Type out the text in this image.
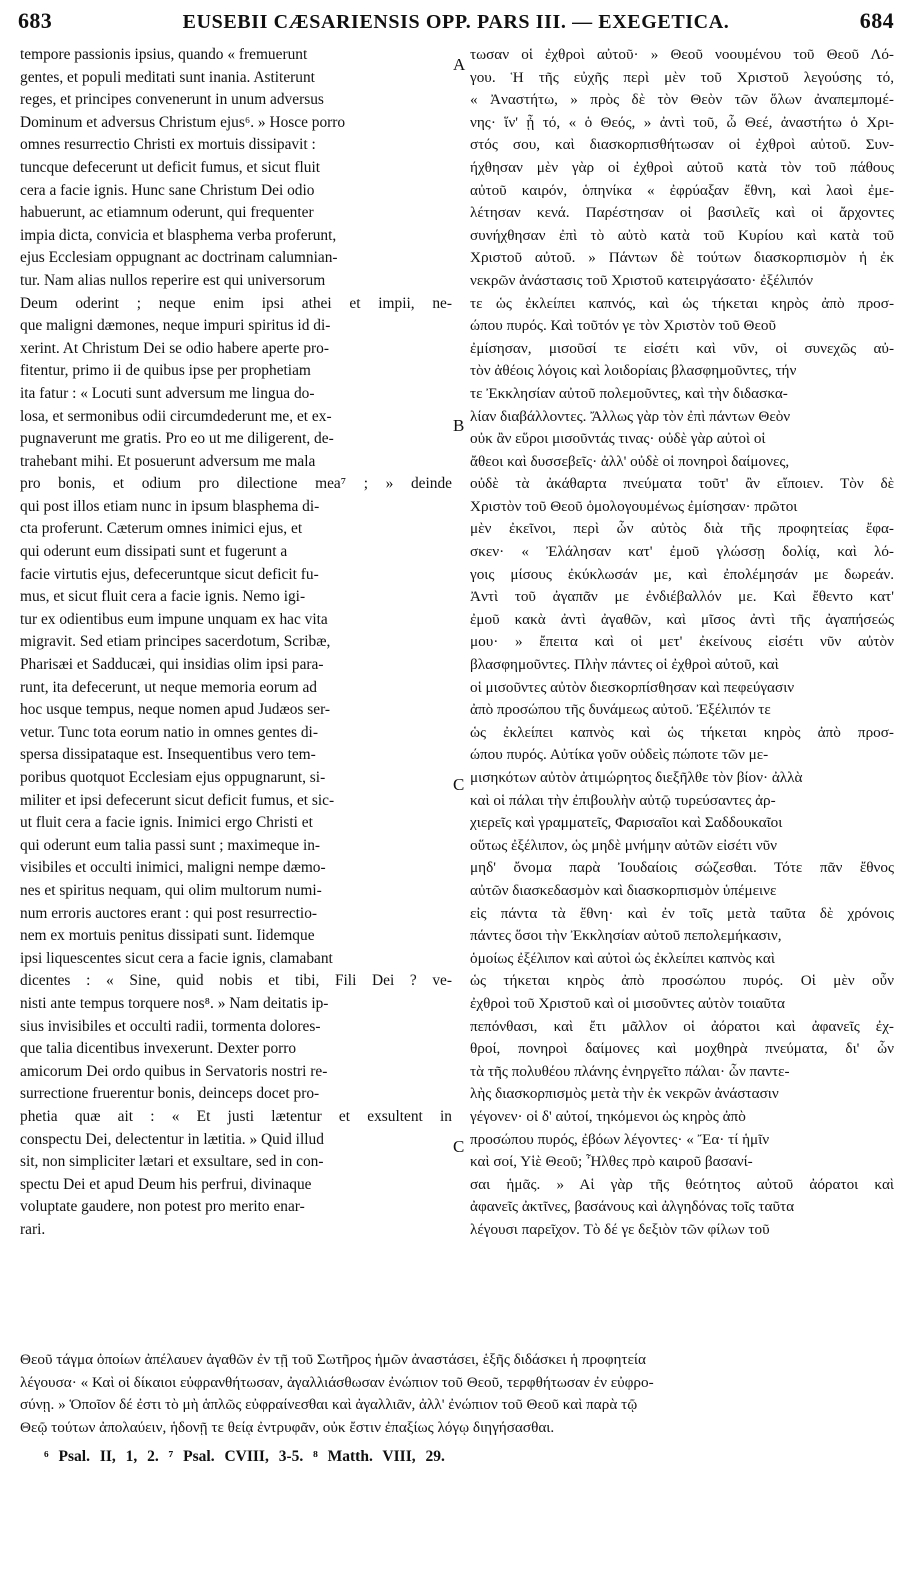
683	EUSEBII CÆSARIENSIS OPP. PARS III. — EXEGETICA.	684
tempore passionis ipsius, quando « fremuerunt
gentes, et populi meditati sunt inania. Astiterunt
reges, et principes convenerunt in unum adversus
Dominum et adversus Christum ejus⁶. » Hosce porro
omnes resurrectio Christi ex mortuis dissipavit :
tuncque defecerunt ut deficit fumus, et sicut fluit
cera a facie ignis. Hunc sane Christum Dei odio
habuerunt, ac etiamnum oderunt, qui frequenter
impia dicta, convicia et blasphema verba proferunt,
ejus Ecclesiam oppugnant ac doctrinam calumnian-
tur. Nam alias nullos reperire est qui universorum
Deum oderint ; neque enim ipsi athei et impii, ne-
que maligni dæmones, neque impuri spiritus id di-
xerint. At Christum Dei se odio habere aperte pro-
fitentur, primo ii de quibus ipse per prophetiam
ita fatur : « Locuti sunt adversum me lingua do-
losa, et sermonibus odii circumdederunt me, et ex-
pugnaverunt me gratis. Pro eo ut me diligerent, de-
trahebant mihi. Et posuerunt adversum me mala
pro bonis, et odium pro dilectione mea⁷ ; » deinde
qui post illos etiam nunc in ipsum blasphema di-
cta proferunt. Cæterum omnes inimici ejus, et
qui oderunt eum dissipati sunt et fugerunt a
facie virtutis ejus, defeceruntque sicut deficit fu-
mus, et sicut fluit cera a facie ignis. Nemo igi-
tur ex odientibus eum impune unquam ex hac vita
migravit. Sed etiam principes sacerdotum, Scribæ,
Pharisæi et Sadducæi, qui insidias olim ipsi para-
runt, ita defecerunt, ut neque memoria eorum ad
hoc usque tempus, neque nomen apud Judæos ser-
vetur. Tunc tota eorum natio in omnes gentes di-
spersa dissipataque est. Insequentibus vero tem-
poribus quotquot Ecclesiam ejus oppugnarunt, si-
militer et ipsi defecerunt sicut deficit fumus, et sic-
ut fluit cera a facie ignis. Inimici ergo Christi et
qui oderunt eum talia passi sunt ; maximeque in-
visibiles et occulti inimici, maligni nempe dæmo-
nes et spiritus nequam, qui olim multorum numi-
num erroris auctores erant : qui post resurrectio-
nem ex mortuis penitus dissipati sunt. Iidemque
ipsi liquescentes sicut cera a facie ignis, clamabant
dicentes : « Sine, quid nobis et tibi, Fili Dei ? ve-
nisti ante tempus torquere nos⁸. » Nam deitatis ip-
sius invisibiles et occulti radii, tormenta dolores-
que talia dicentibus invexerunt. Dexter porro
amicorum Dei ordo quibus in Servatoris nostri re-
surrectione fruerentur bonis, deinceps docet pro-
phetia quæ ait : « Et justi lætentur et exsultent in
conspectu Dei, delectentur in lætitia. » Quid illud
sit, non simpliciter lætari et exsultare, sed in con-
spectu Dei et apud Deum his perfrui, divinaque
voluptate gaudere, non potest pro merito enar-
rari.
τωσαν οἱ ἐχθροὶ αὐτοῦ· » Θεοῦ νοουμένου τοῦ Θεοῦ Λό-
γου. Ἡ τῆς εὐχῆς περὶ μὲν τοῦ Χριστοῦ λεγούσης τό,
« Ἀναστήτω, » πρὸς δὲ τὸν Θεὸν τῶν ὅλων ἀναπεμπομέ-
νης· ἵν' ᾖ τό, « ὁ Θεός, » ἀντὶ τοῦ, ὦ Θεέ, ἀναστήτω ὁ Χρι-
στός σου, καὶ διασκορπισθήτωσαν οἱ ἐχθροὶ αὐτοῦ. Συν-
ήχθησαν μὲν γὰρ οἱ ἐχθροὶ αὐτοῦ κατὰ τὸν τοῦ πάθους
αὐτοῦ καιρόν, ὁπηνίκα « ἐφρύαξαν ἔθνη, καὶ λαοὶ ἐμε-
λέτησαν κενά. Παρέστησαν οἱ βασιλεῖς καὶ οἱ ἄρχοντες
συνήχθησαν ἐπὶ τὸ αὐτὸ κατὰ τοῦ Κυρίου καὶ κατὰ τοῦ
Χριστοῦ αὐτοῦ. » Πάντων δὲ τούτων διασκορπισμὸν ἡ ἐκ
νεκρῶν ἀνάστασις τοῦ Χριστοῦ κατειργάσατο· ἐξέλιπόν
τε ὡς ἐκλείπει καπνός, καὶ ὡς τήκεται κηρὸς ἀπὸ προσ-
ώπου πυρός. Καὶ τοῦτόν γε τὸν Χριστὸν τοῦ Θεοῦ
ἐμίσησαν, μισοῦσί τε εἰσέτι καὶ νῦν, οἱ συνεχῶς αὐ-
τὸν ἀθέοις λόγοις καὶ λοιδορίαις βλασφημοῦντες, τήν
τε Ἐκκλησίαν αὐτοῦ πολεμοῦντες, καὶ τὴν διδασκα-
λίαν διαβάλλοντες. Ἄλλως γὰρ τὸν ἐπὶ πάντων Θεὸν
οὐκ ἂν εὕροι μισοῦντάς τινας· οὐδὲ γὰρ αὐτοὶ οἱ
ἄθεοι καὶ δυσσεβεῖς· ἀλλ' οὐδὲ οἱ πονηροὶ δαίμονες,
οὐδὲ τὰ ἀκάθαρτα πνεύματα τοῦτ' ἂν εἴποιεν. Τὸν δὲ
Χριστὸν τοῦ Θεοῦ ὁμολογουμένως ἐμίσησαν· πρῶτοι
μὲν ἐκεῖνοι, περὶ ὧν αὐτὸς διὰ τῆς προφητείας ἔφα-
σκεν· « Ἐλάλησαν κατ' ἐμοῦ γλώσσῃ δολίᾳ, καὶ λό-
γοις μίσους ἐκύκλωσάν με, καὶ ἐπολέμησάν με δωρεάν.
Ἀντὶ τοῦ ἀγαπᾶν με ἐνδιέβαλλόν με. Καὶ ἔθεντο κατ'
ἐμοῦ κακὰ ἀντὶ ἀγαθῶν, καὶ μῖσος ἀντὶ τῆς ἀγαπήσεώς
μου· » ἔπειτα καὶ οἱ μετ' ἐκείνους εἰσέτι νῦν αὐτὸν
βλασφημοῦντες. Πλὴν πάντες οἱ ἐχθροὶ αὐτοῦ, καὶ
οἱ μισοῦντες αὐτὸν διεσκορπίσθησαν καὶ πεφεύγασιν
ἀπὸ προσώπου τῆς δυνάμεως αὐτοῦ. Ἐξέλιπόν τε
ὡς ἐκλείπει καπνὸς καὶ ὡς τήκεται κηρὸς ἀπὸ προσ-
ώπου πυρός. Αὐτίκα γοῦν οὐδεὶς πώποτε τῶν με-
μισηκότων αὐτὸν ἀτιμώρητος διεξῆλθε τὸν βίον· ἀλλὰ
καὶ οἱ πάλαι τὴν ἐπιβουλὴν αὐτῷ τυρεύσαντες ἀρ-
χιερεῖς καὶ γραμματεῖς, Φαρισαῖοι καὶ Σαδδουκαῖοι
οὕτως ἐξέλιπον, ὡς μηδὲ μνήμην αὐτῶν εἰσέτι νῦν
μηδ' ὄνομα παρὰ Ἰουδαίοις σώζεσθαι. Τότε πᾶν ἔθνος
αὐτῶν διασκεδασμὸν καὶ διασκορπισμὸν ὑπέμεινε
εἰς πάντα τὰ ἔθνη· καὶ ἐν τοῖς μετὰ ταῦτα δὲ χρόνοις
πάντες ὅσοι τὴν Ἐκκλησίαν αὐτοῦ πεπολεμήκασιν,
ὁμοίως ἐξέλιπον καὶ αὐτοὶ ὡς ἐκλείπει καπνὸς καὶ
ὡς τήκεται κηρὸς ἀπὸ προσώπου πυρός. Οἱ μὲν οὖν
ἐχθροὶ τοῦ Χριστοῦ καὶ οἱ μισοῦντες αὐτὸν τοιαῦτα
πεπόνθασι, καὶ ἔτι μᾶλλον οἱ ἀόρατοι καὶ ἀφανεῖς ἐχ-
θροί, πονηροὶ δαίμονες καὶ μοχθηρὰ πνεύματα, δι' ὧν
τὰ τῆς πολυθέου πλάνης ἐνηργεῖτο πάλαι· ὧν παντε-
λὴς διασκορπισμὸς μετὰ τὴν ἐκ νεκρῶν ἀνάστασιν
γέγονεν· οἱ δ' αὐτοί, τηκόμενοι ὡς κηρὸς ἀπὸ
προσώπου πυρός, ἐβόων λέγοντες· « Ἔα· τί ἡμῖν
καὶ σοί, Υἱὲ Θεοῦ; Ἦλθες πρὸ καιροῦ βασανί-
σαι ἡμᾶς. » Αἱ γὰρ τῆς θεότητος αὐτοῦ ἀόρατοι καὶ
ἀφανεῖς ἀκτῖνες, βασάνους καὶ ἀλγηδόνας τοῖς ταῦτα
λέγουσι παρεῖχον. Τὸ δέ γε δεξιὸν τῶν φίλων τοῦ
A
B
C
C
Θεοῦ τάγμα ὁποίων ἀπέλαυεν ἀγαθῶν ἐν τῇ τοῦ Σωτῆρος ἡμῶν ἀναστάσει, ἑξῆς διδάσκει ἡ προφητεία
λέγουσα· « Καὶ οἱ δίκαιοι εὐφρανθήτωσαν, ἀγαλλιάσθωσαν ἐνώπιον τοῦ Θεοῦ, τερφθήτωσαν ἐν εὐφρο-
σύνῃ. » Ὁποῖον δέ ἐστι τὸ μὴ ἁπλῶς εὐφραίνεσθαι καὶ ἀγαλλιᾶν, ἀλλ' ἐνώπιον τοῦ Θεοῦ καὶ παρὰ τῷ
Θεῷ τούτων ἀπολαύειν, ἡδονῇ τε θείᾳ ἐντρυφᾶν, οὐκ ἔστιν ἐπαξίως λόγῳ διηγήσασθαι.
⁶ Psal. II, 1, 2. ⁷ Psal. CVIII, 3-5. ⁸ Matth. VIII, 29.
